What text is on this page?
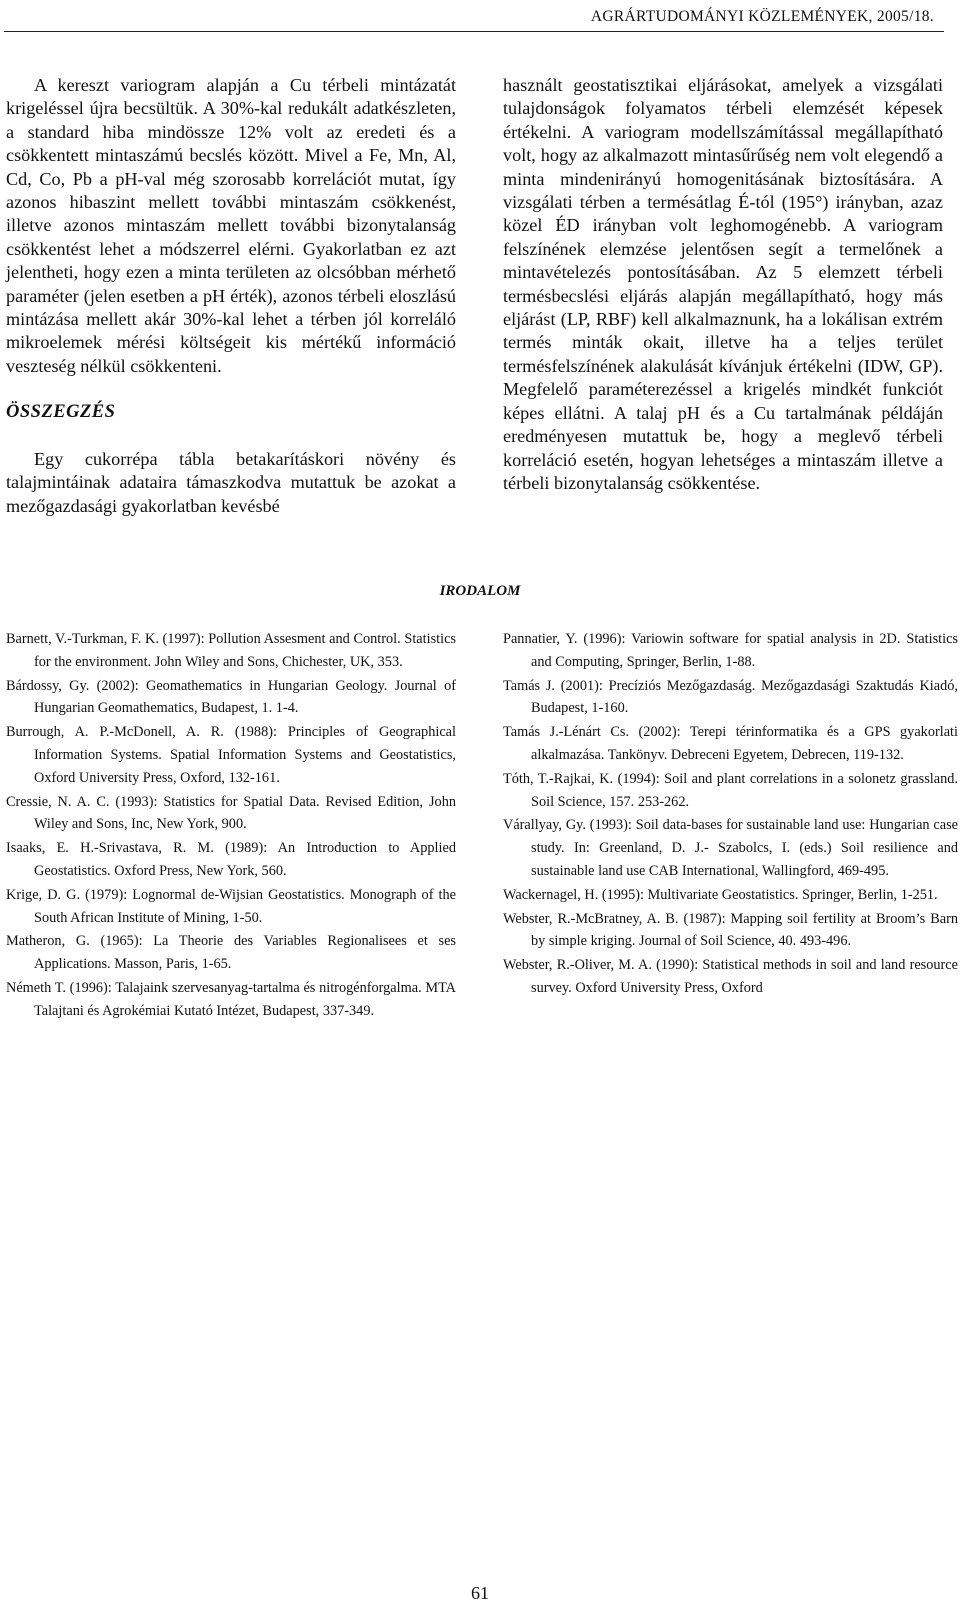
AGRÁRTUDOMÁNYI KÖZLEMÉNYEK, 2005/18.

A kereszt variogram alapján a Cu térbeli mintázatát krigeléssel újra becsültük. A 30%-kal redukált adatkészleten, a standard hiba mindössze 12% volt az eredeti és a csökkentett mintaszámú becslés között. Mivel a Fe, Mn, Al, Cd, Co, Pb a pH-val még szorosabb korrelációt mutat, így azonos hibaszint mellett további mintaszám csökkenést, illetve azonos mintaszám mellett további bizonytalanság csökkentést lehet a módszerrel elérni. Gyakorlatban ez azt jelentheti, hogy ezen a minta területen az olcsóbban mérhető paraméter (jelen esetben a pH érték), azonos térbeli eloszlású mintázása mellett akár 30%-kal lehet a térben jól korreláló mikroelemek mérési költségeit kis mértékű információ veszteség nélkül csökkenteni.

ÖSSZEGZÉS

Egy cukorrépa tábla betakarításkori növény és talajmintáinak adataira támaszkodva mutattuk be azokat a mezőgazdasági gyakorlatban kevésbé

használt geostatisztikai eljárásokat, amelyek a vizsgálati tulajdonságok folyamatos térbeli elemzését képesek értékelni. A variogram modellszámítással megállapítható volt, hogy az alkalmazott mintasűrűség nem volt elegendő a minta mindenirányú homogenitásának biztosítására. A vizsgálati térben a termésátlag É-tól (195°) irányban, azaz közel ÉD irányban volt leghomogénebb. A variogram felszínének elemzése jelentősen segít a termelőnek a mintavételezés pontosításában. Az 5 elemzett térbeli termésbecslési eljárás alapján megállapítható, hogy más eljárást (LP, RBF) kell alkalmaznunk, ha a lokálisan extrém termés minták okait, illetve ha a teljes terület termésfelszínének alakulását kívánjuk értékelni (IDW, GP). Megfelelő paraméterezéssel a krigelés mindkét funkciót képes ellátni. A talaj pH és a Cu tartalmának példáján eredményesen mutattuk be, hogy a meglevő térbeli korreláció esetén, hogyan lehetséges a mintaszám illetve a térbeli bizonytalanság csökkentése.

IRODALOM

Barnett, V.-Turkman, F. K. (1997): Pollution Assesment and Control. Statistics for the environment. John Wiley and Sons, Chichester, UK, 353.

Bárdossy, Gy. (2002): Geomathematics in Hungarian Geology. Journal of Hungarian Geomathematics, Budapest, 1. 1-4.

Burrough, A. P.-McDonell, A. R. (1988): Principles of Geographical Information Systems. Spatial Information Systems and Geostatistics, Oxford University Press, Oxford, 132-161.

Cressie, N. A. C. (1993): Statistics for Spatial Data. Revised Edition, John Wiley and Sons, Inc, New York, 900.

Isaaks, E. H.-Srivastava, R. M. (1989): An Introduction to Applied Geostatistics. Oxford Press, New York, 560.

Krige, D. G. (1979): Lognormal de-Wijsian Geostatistics. Monograph of the South African Institute of Mining, 1-50.

Matheron, G. (1965): La Theorie des Variables Regionalisees et ses Applications. Masson, Paris, 1-65.

Németh T. (1996): Talajaink szervesanyag-tartalma és nitrogénforgalma. MTA Talajtani és Agrokémiai Kutató Intézet, Budapest, 337-349.

Pannatier, Y. (1996): Variowin software for spatial analysis in 2D. Statistics and Computing, Springer, Berlin, 1-88.

Tamás J. (2001): Precíziós Mezőgazdaság. Mezőgazdasági Szaktudás Kiadó, Budapest, 1-160.

Tamás J.-Lénárt Cs. (2002): Terepi térinformatika és a GPS gyakorlati alkalmazása. Tankönyv. Debreceni Egyetem, Debrecen, 119-132.

Tóth, T.-Rajkai, K. (1994): Soil and plant correlations in a solonetz grassland. Soil Science, 157. 253-262.

Várallyay, Gy. (1993): Soil data-bases for sustainable land use: Hungarian case study. In: Greenland, D. J.- Szabolcs, I. (eds.) Soil resilience and sustainable land use CAB International, Wallingford, 469-495.

Wackernagel, H. (1995): Multivariate Geostatistics. Springer, Berlin, 1-251.

Webster, R.-McBratney, A. B. (1987): Mapping soil fertility at Broom’s Barn by simple kriging. Journal of Soil Science, 40. 493-496.

Webster, R.-Oliver, M. A. (1990): Statistical methods in soil and land resource survey. Oxford University Press, Oxford

61
